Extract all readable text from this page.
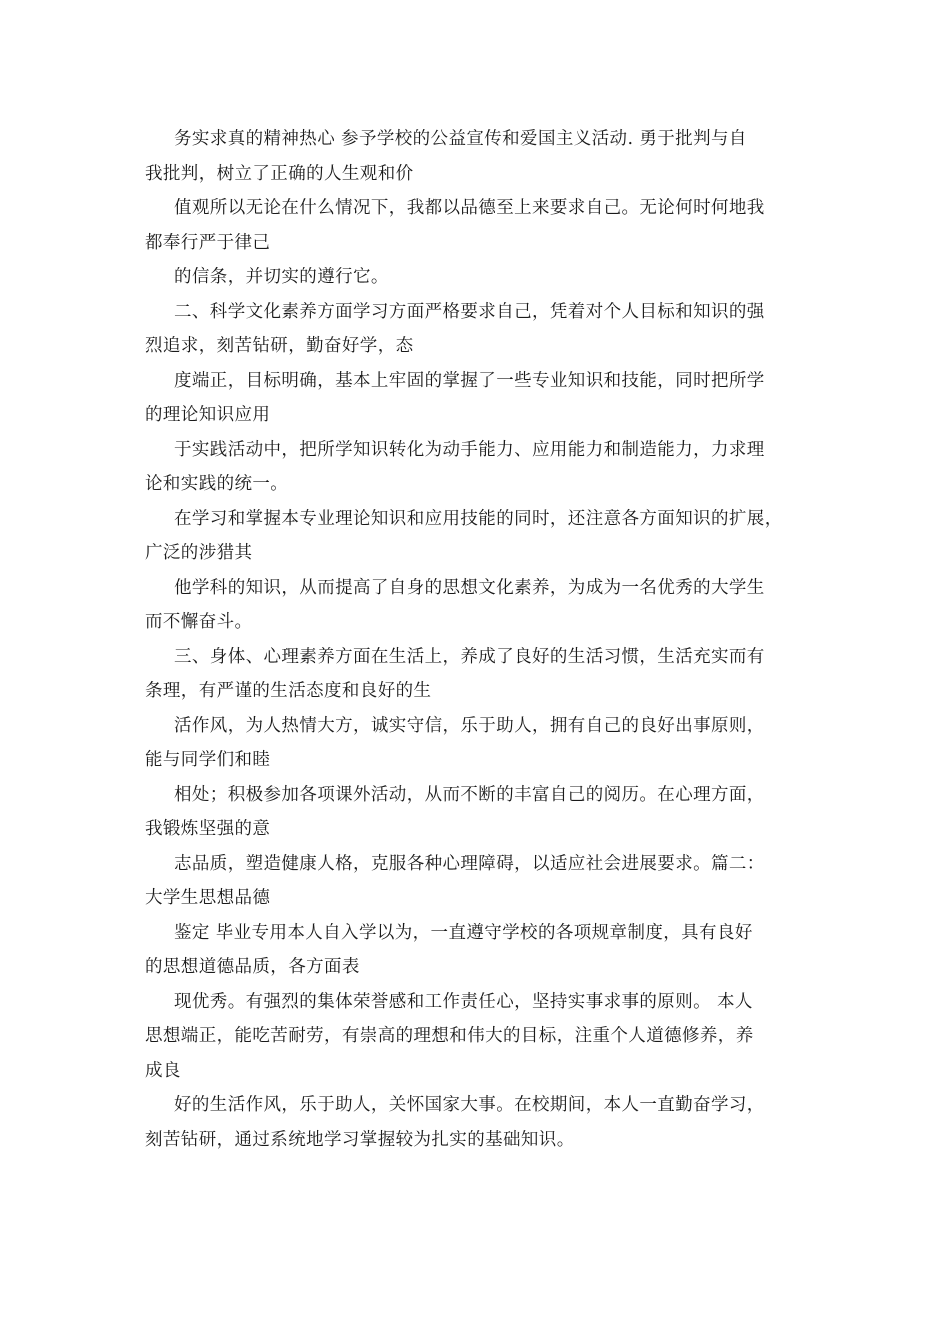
务实求真的精神热心 参予学校的公益宣传和爱国主义活动. 勇于批判与自
我批判，树立了正确的人生观和价

值观所以无论在什么情况下，我都以品德至上来要求自己。无论何时何地我
都奉行严于律己

的信条，并切实的遵行它。

二、科学文化素养方面学习方面严格要求自己，凭着对个人目标和知识的强
烈追求，刻苦钻研，勤奋好学，态

度端正，目标明确，基本上牢固的掌握了一些专业知识和技能，同时把所学
的理论知识应用

于实践活动中，把所学知识转化为动手能力、应用能力和制造能力，力求理
论和实践的统一。

在学习和掌握本专业理论知识和应用技能的同时，还注意各方面知识的扩展，
广泛的涉猎其

他学科的知识，从而提高了自身的思想文化素养，为成为一名优秀的大学生
而不懈奋斗。

三、身体、心理素养方面在生活上，养成了良好的生活习惯，生活充实而有
条理，有严谨的生活态度和良好的生

活作风，为人热情大方，诚实守信，乐于助人，拥有自己的良好出事原则，
能与同学们和睦

相处；积极参加各项课外活动，从而不断的丰富自己的阅历。在心理方面，
我锻炼坚强的意

志品质，塑造健康人格，克服各种心理障碍，以适应社会进展要求。篇二：
大学生思想品德

鉴定 毕业专用本人自入学以为，一直遵守学校的各项规章制度，具有良好
的思想道德品质，各方面表

现优秀。有强烈的集体荣誉感和工作责任心，坚持实事求事的原则。 本人
思想端正，能吃苦耐劳，有崇高的理想和伟大的目标，注重个人道德修养，养
成良

好的生活作风，乐于助人，关怀国家大事。在校期间，本人一直勤奋学习，
刻苦钻研，通过系统地学习掌握较为扎实的基础知识。
